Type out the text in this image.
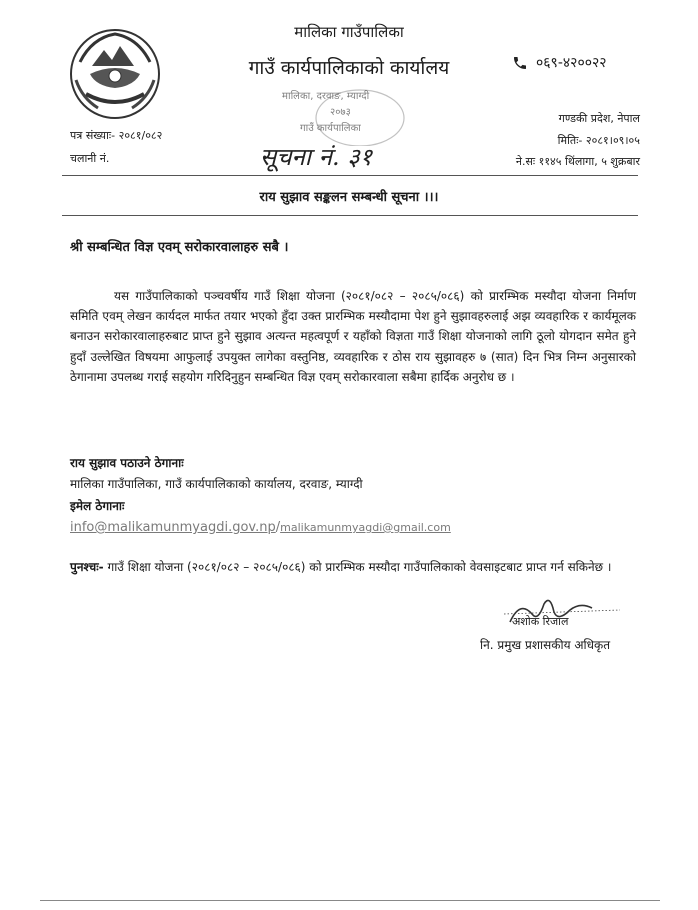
मालिका गाउँपालिका
गाउँ कार्यपालिकाको कार्यालय	०६९-४२००२२
मालिका, दरवाङ, म्याग्दी
२०७३
गाउँ कार्यपालिका
पत्र संख्याः- २०८१/०८२
चलानी नं.
गण्डकी प्रदेश, नेपाल
मितिः- २०८१।०९।०५
ने.सः ११४५ थिंलागा, ५ शुक्रबार
सूचना नं. ३१
राय सुझाव सङ्कलन सम्बन्धी सूचना ।।।
श्री सम्बन्धित विज्ञ एवम् सरोकारवालाहरु सबै ।
यस गाउँपालिकाको पञ्चवर्षीय गाउँ शिक्षा योजना (२०८१/०८२ – २०८५/०८६) को प्रारम्भिक मस्यौदा योजना निर्माण समिति एवम् लेखन कार्यदल मार्फत तयार भएको हुँदा उक्त प्रारम्भिक मस्यौदामा पेश हुने सुझावहरुलाई अझ व्यवहारिक र कार्यमूलक बनाउन सरोकारवालाहरुबाट प्राप्त हुने सुझाव अत्यन्त महत्वपूर्ण र यहाँको विज्ञता गाउँ शिक्षा योजनाको लागि ठूलो योगदान समेत हुने हुदाँ उल्लेखित विषयमा आफुलाई उपयुक्त लागेका वस्तुनिष्ठ, व्यवहारिक र ठोस राय सुझावहरु ७ (सात) दिन भित्र निम्न अनुसारको ठेगानामा उपलब्ध गराई सहयोग गरिदिनुहुन सम्बन्धित विज्ञ एवम् सरोकारवाला सबैमा हार्दिक अनुरोध छ ।
राय सुझाव पठाउने ठेगानाः
मालिका गाउँपालिका, गाउँ कार्यपालिकाको कार्यालय, दरवाङ, म्याग्दी
इमेल ठेगानाः
info@malikamunmyagdi.gov.np / malikamunmyagdi@gmail.com
पुनश्चः- गाउँ शिक्षा योजना (२०८१/०८२ – २०८५/०८६) को प्रारम्भिक मस्यौदा गाउँपालिकाको वेवसाइटबाट प्राप्त गर्न सकिनेछ ।
अशोक रिजाल
नि. प्रमुख प्रशासकीय अधिकृत
